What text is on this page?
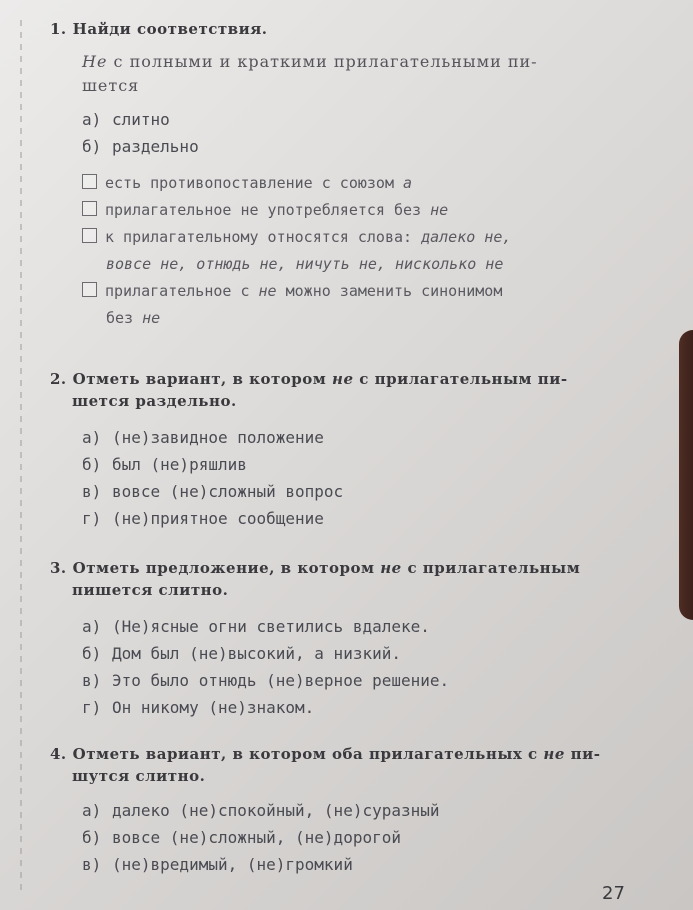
1. Найди соответствия.
Не с полными и краткими прилагательными пи-
шется
а) слитно
б) раздельно
есть противопоставление с союзом а
прилагательное не употребляется без не
к прилагательному относятся слова: далеко не,
вовсе не, отнюдь не, ничуть не, нисколько не
прилагательное с не можно заменить синонимом
без не
2. Отметь вариант, в котором не с прилагательным пи-
шется раздельно.
а) (не)завидное положение
б) был (не)ряшлив
в) вовсе (не)сложный вопрос
г) (не)приятное сообщение
3. Отметь предложение, в котором не с прилагательным
пишется слитно.
а) (Не)ясные огни светились вдалеке.
б) Дом был (не)высокий, а низкий.
в) Это было отнюдь (не)верное решение.
г) Он никому (не)знаком.
4. Отметь вариант, в котором оба прилагательных с не пи-
шутся слитно.
а) далеко (не)спокойный, (не)суразный
б) вовсе (не)сложный, (не)дорогой
в) (не)вредимый, (не)громкий
27
